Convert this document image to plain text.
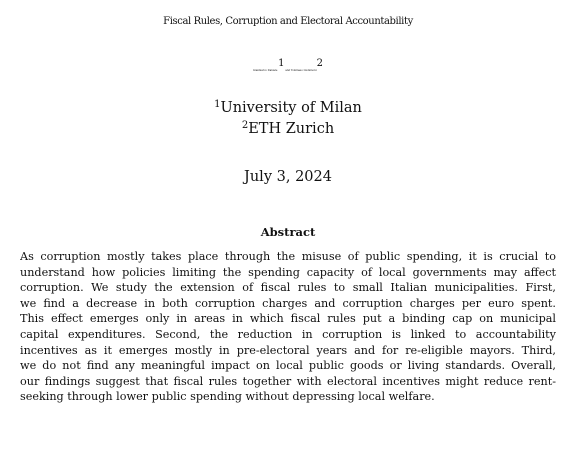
Fiscal Rules, Corruption and Electoral Accountability
Gianmarco Daniele $^1$ and Tommaso Giommoni$^2$
$^1$University of Milan
$^2$ETH Zurich
July 3, 2024
Abstract
As corruption mostly takes place through the misuse of public spending, it is crucial to
understand how policies limiting the spending capacity of local governments may affect
corruption. We study the extension of fiscal rules to small Italian municipalities. First,
we find a decrease in both corruption charges and corruption charges per euro spent.
This effect emerges only in areas in which fiscal rules put a binding cap on municipal
capital expenditures. Second, the reduction in corruption is linked to accountability
incentives as it emerges mostly in pre-electoral years and for re-eligible mayors. Third,
we do not find any meaningful impact on local public goods or living standards. Overall,
our findings suggest that fiscal rules together with electoral incentives might reduce rent-
seeking through lower public spending without depressing local welfare.
